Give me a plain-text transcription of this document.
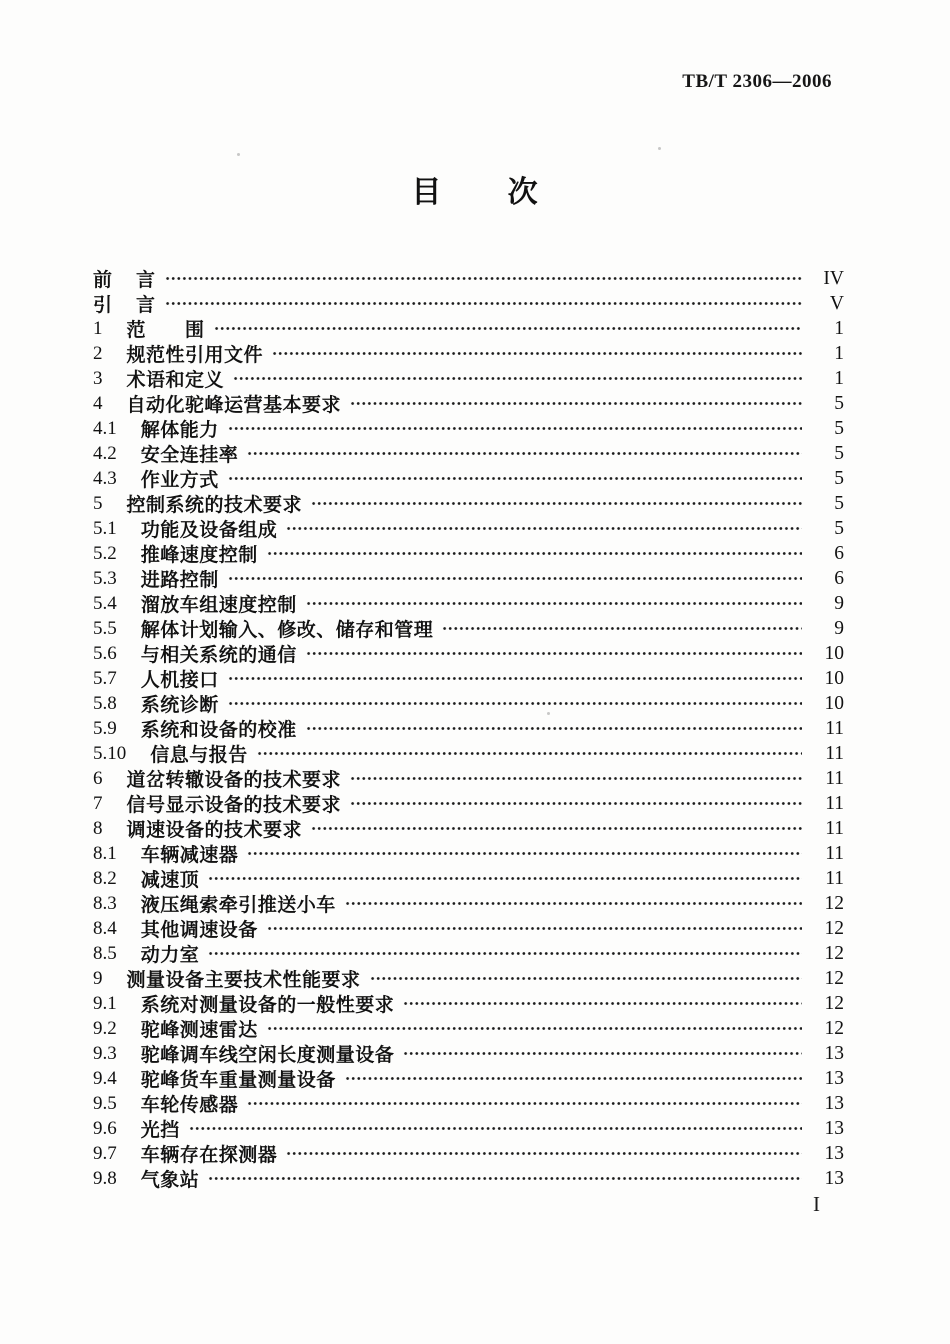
TB/T 2306—2006
目 次
前 言	IV
引 言	V
1 范　　围	1
2 规范性引用文件	1
3 术语和定义	1
4 自动化驼峰运营基本要求	5
4.1 解体能力	5
4.2 安全连挂率	5
4.3 作业方式	5
5 控制系统的技术要求	5
5.1 功能及设备组成	5
5.2 推峰速度控制	6
5.3 进路控制	6
5.4 溜放车组速度控制	9
5.5 解体计划输入、修改、储存和管理	9
5.6 与相关系统的通信	10
5.7 人机接口	10
5.8 系统诊断	10
5.9 系统和设备的校准	11
5.10 信息与报告	11
6 道岔转辙设备的技术要求	11
7 信号显示设备的技术要求	11
8 调速设备的技术要求	11
8.1 车辆减速器	11
8.2 减速顶	11
8.3 液压绳索牵引推送小车	12
8.4 其他调速设备	12
8.5 动力室	12
9 测量设备主要技术性能要求	12
9.1 系统对测量设备的一般性要求	12
9.2 驼峰测速雷达	12
9.3 驼峰调车线空闲长度测量设备	13
9.4 驼峰货车重量测量设备	13
9.5 车轮传感器	13
9.6 光挡	13
9.7 车辆存在探测器	13
9.8 气象站	13
I
